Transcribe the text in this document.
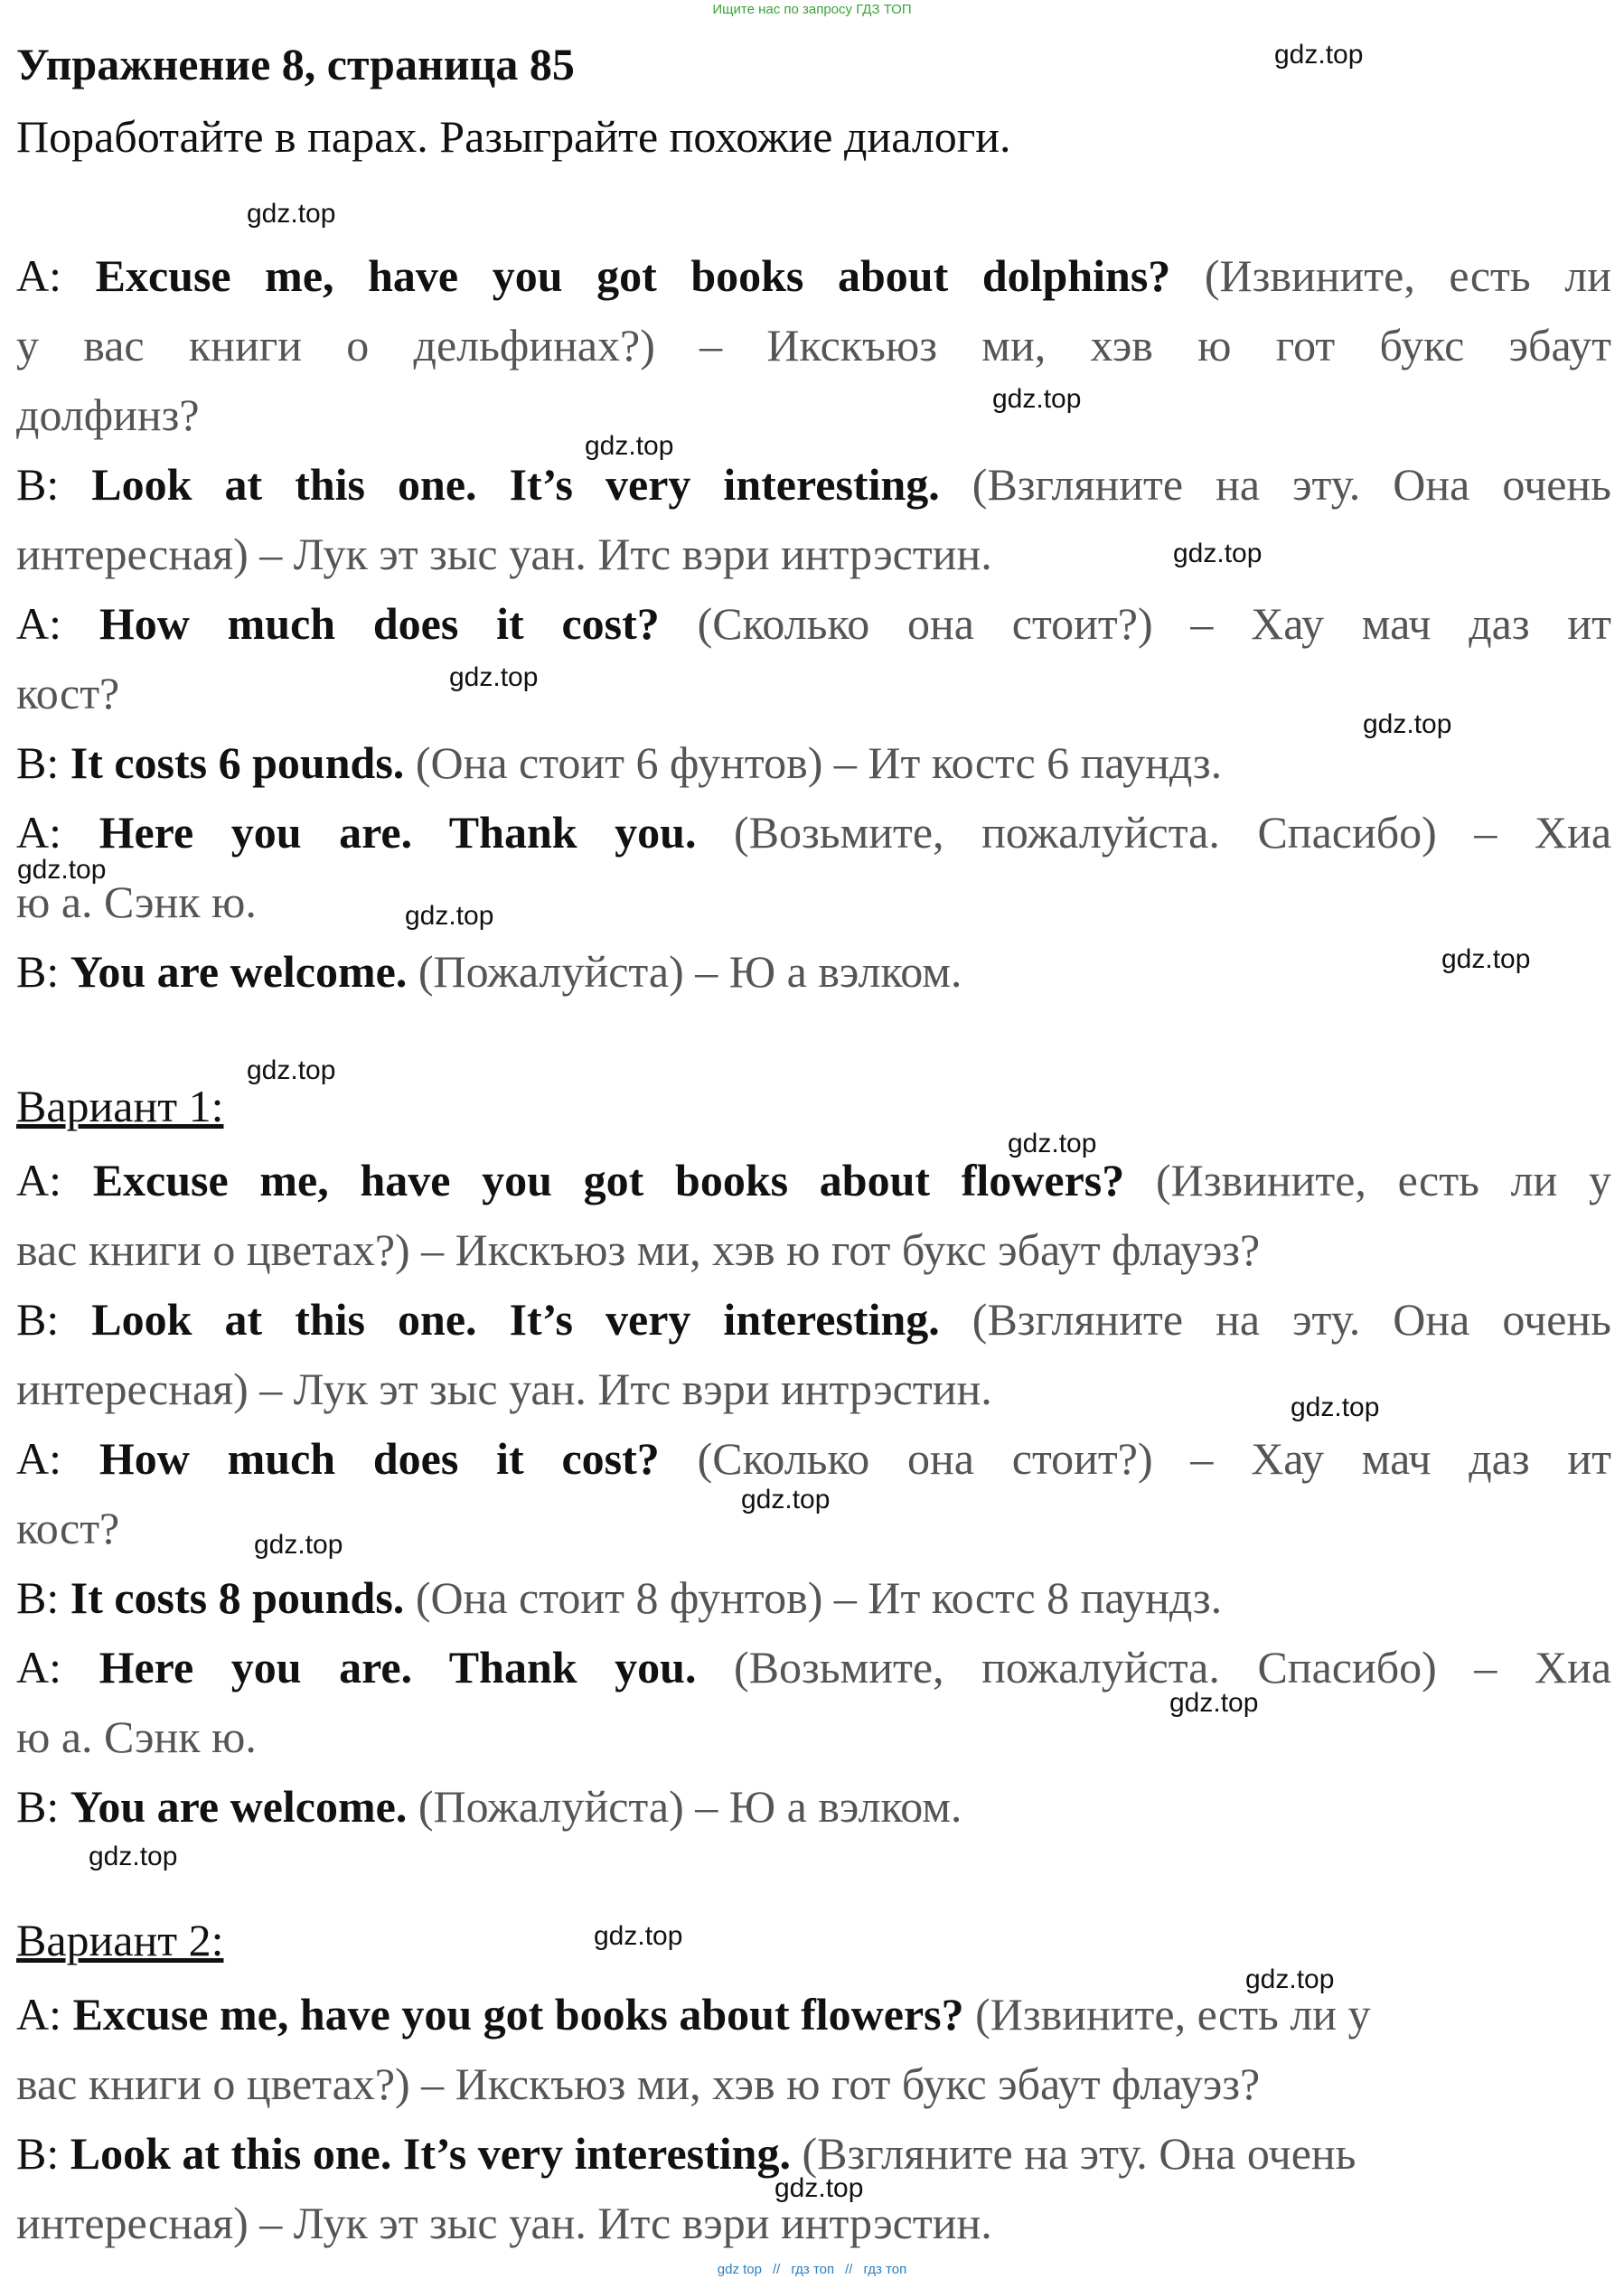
Ищите нас по запросу ГДЗ ТОП
Упражнение 8, страница 85
Поработайте в парах. Разыграйте похожие диалоги.
gdz.top
gdz.top
gdz.top
gdz.top
gdz.top
gdz.top
gdz.top
gdz.top
gdz.top
gdz.top
gdz.top
gdz.top
gdz.top
gdz.top
gdz.top
gdz.top
gdz.top
gdz.top
gdz.top
gdz.top
A: Excuse me, have you got books about dolphins? (Извините, есть ли
у вас книги о дельфинах?) – Икскъюз ми, хэв ю гот букс эбаут
долфинз?
B: Look at this one. It’s very interesting. (Взгляните на эту. Она очень
интересная) – Лук эт зыс уан. Итс вэри интрэстин.
A: How much does it cost? (Сколько она стоит?) – Хау мач даз ит
кост?
B: It costs 6 pounds. (Она стоит 6 фунтов) – Ит костс 6 паундз.
A: Here you are. Thank you. (Возьмите, пожалуйста. Спасибо) – Хиа
ю а. Сэнк ю.
B: You are welcome. (Пожалуйста) – Ю а вэлком.
Вариант 1:
A: Excuse me, have you got books about flowers? (Извините, есть ли у
вас книги о цветах?) – Икскъюз ми, хэв ю гот букс эбаут флауэз?
B: Look at this one. It’s very interesting. (Взгляните на эту. Она очень
интересная) – Лук эт зыс уан. Итс вэри интрэстин.
A: How much does it cost? (Сколько она стоит?) – Хау мач даз ит
кост?
B: It costs 8 pounds. (Она стоит 8 фунтов) – Ит костс 8 паундз.
A: Here you are. Thank you. (Возьмите, пожалуйста. Спасибо) – Хиа
ю а. Сэнк ю.
B: You are welcome. (Пожалуйста) – Ю а вэлком.
Вариант 2:
A: Excuse me, have you got books about flowers? (Извините, есть ли у
вас книги о цветах?) – Икскъюз ми, хэв ю гот букс эбаут флауэз?
B: Look at this one. It’s very interesting. (Взгляните на эту. Она очень
интересная) – Лук эт зыс уан. Итс вэри интрэстин.
gdz top // гдз топ // гдз топ
